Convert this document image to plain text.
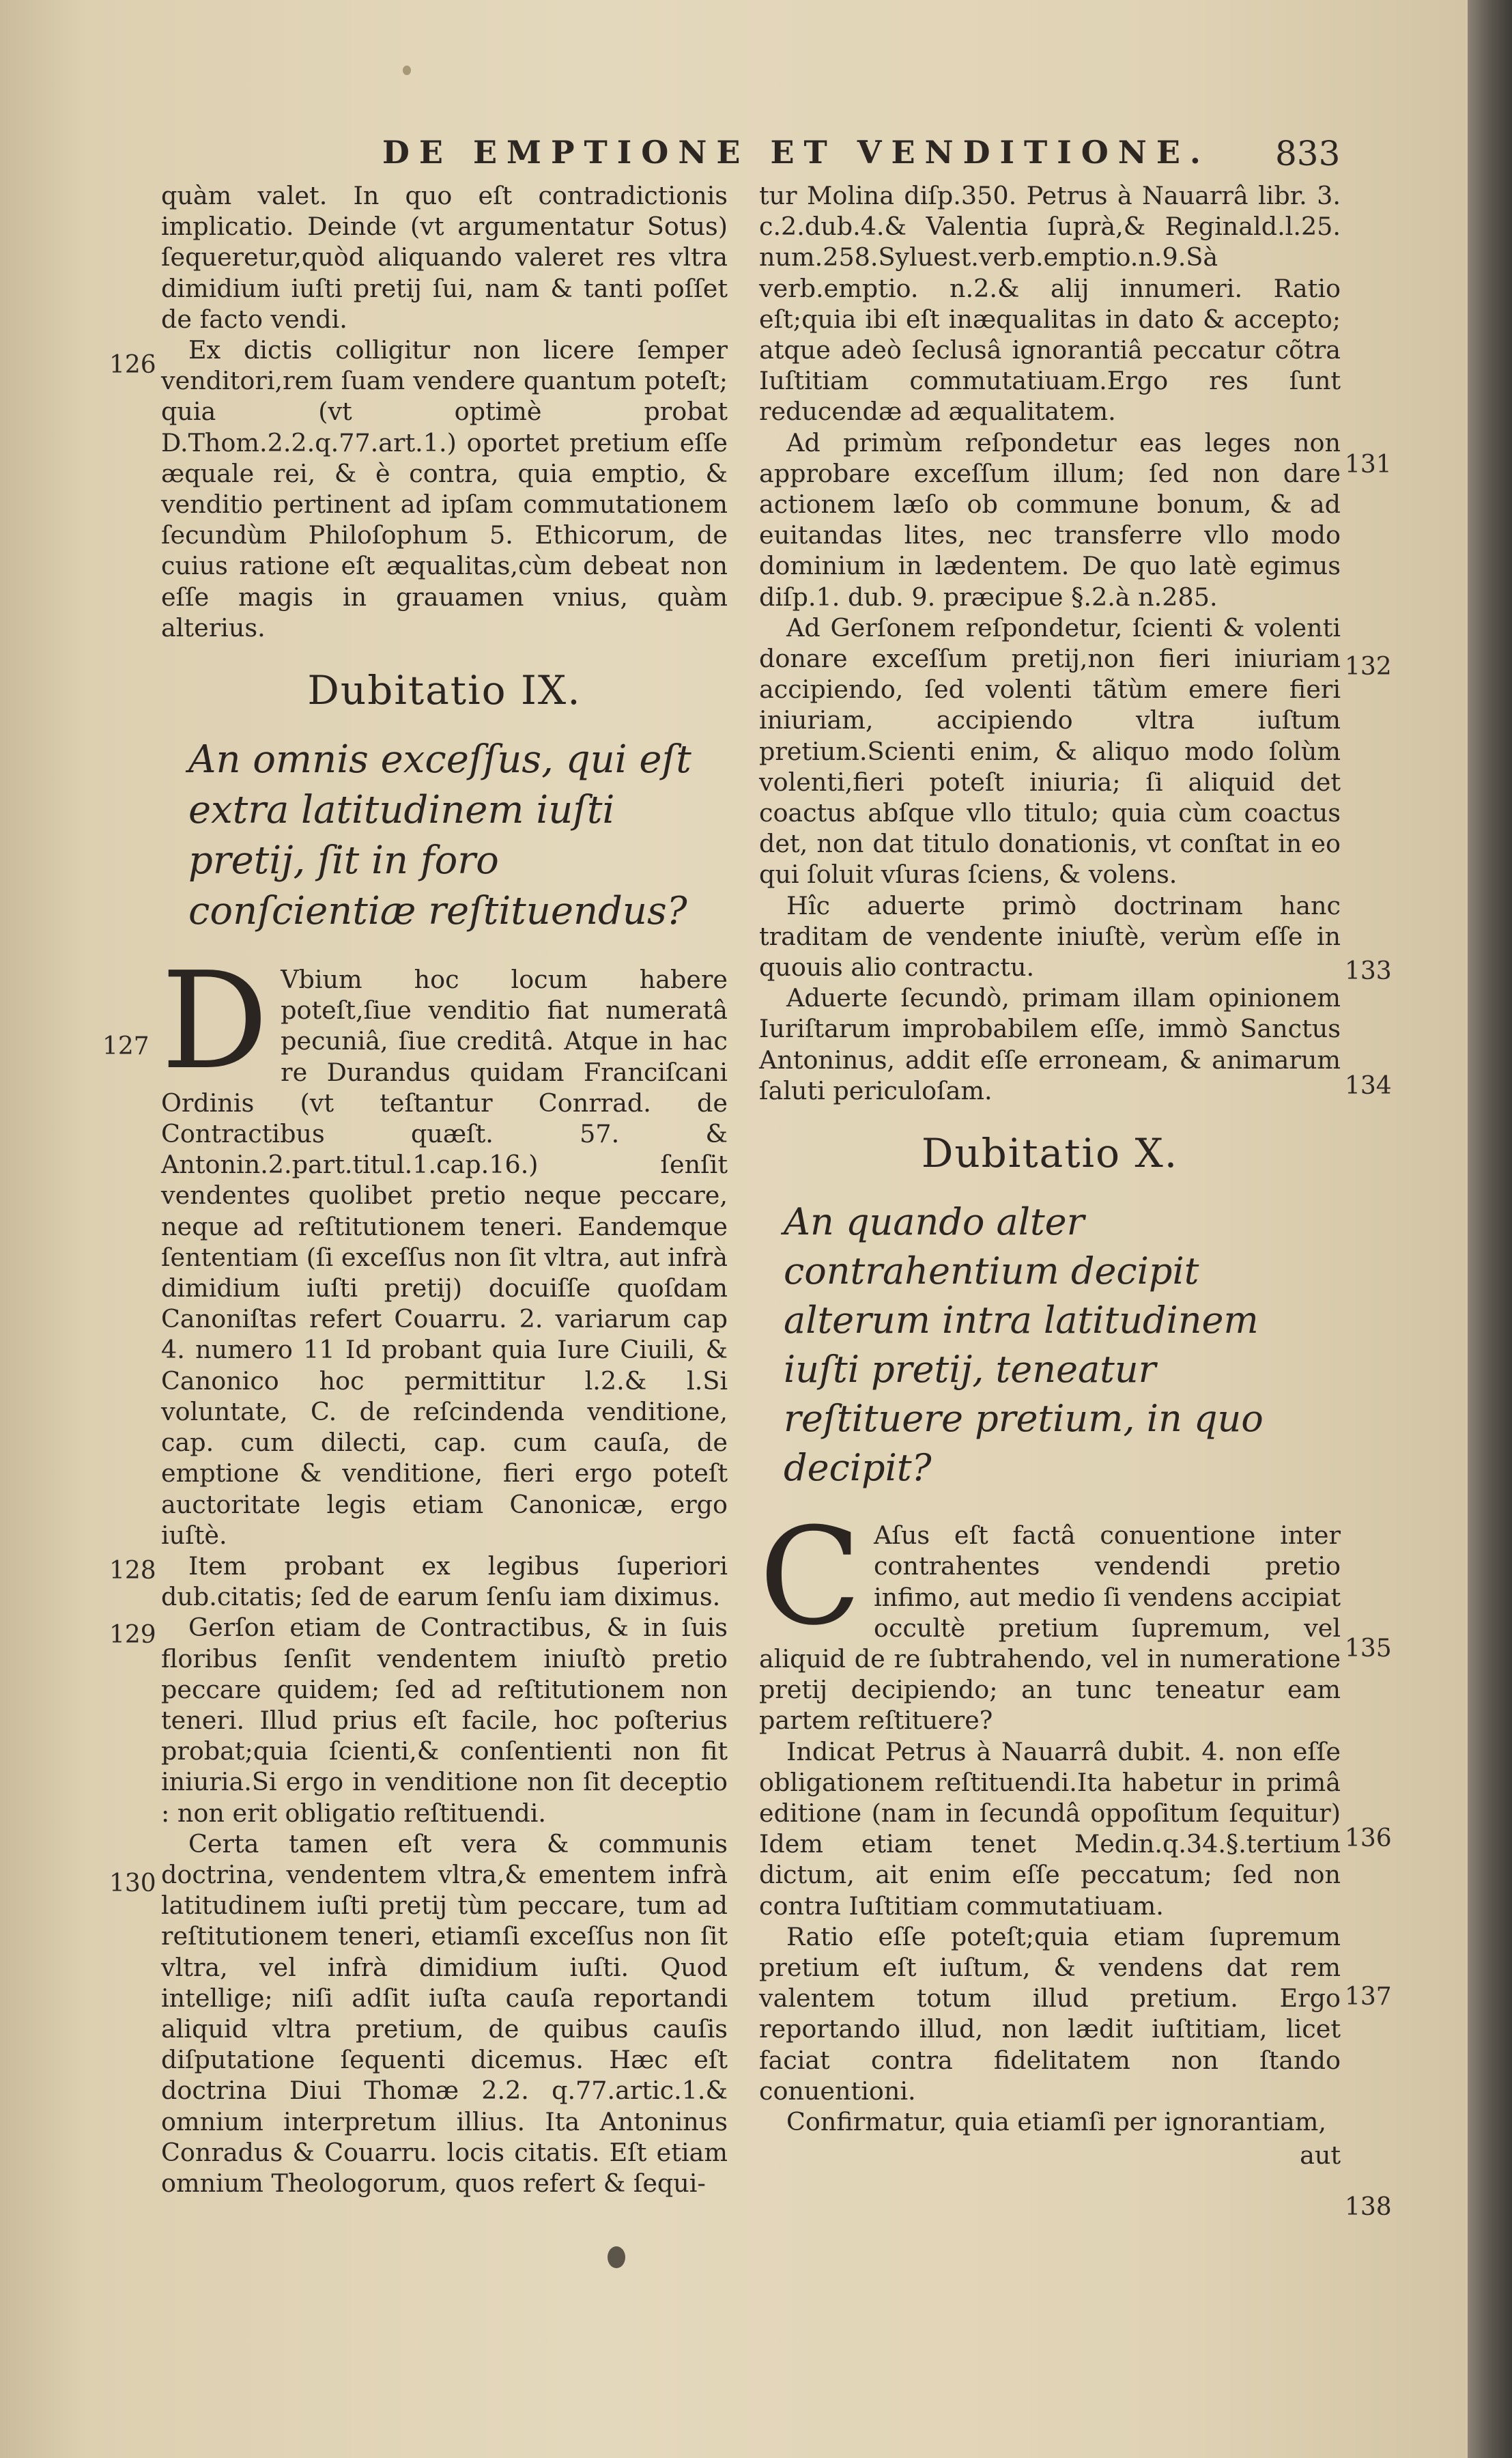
DE EMPTIONE ET VENDITIONE.	833
126
127
128
129
130
131
132
133
134
135
136
137
138

quàm valet. In quo eſt contradictionis implicatio. Deinde (vt argumentatur Sotus) ſequeretur,quòd aliquando valeret res vltra dimidium iuſti pretij ſui, nam & tanti poſſet de facto vendi.

Ex dictis colligitur non licere ſemper venditori,rem ſuam vendere quantum poteſt; quia (vt optimè probat D.Thom.2.2.q.77.art.1.) oportet pretium eſſe æquale rei, & è contra, quia emptio, & venditio pertinent ad ipſam commutationem ſecundùm Philoſophum 5. Ethicorum, de cuius ratione eſt æqualitas,cùm debeat non eſſe magis in grauamen vnius, quàm alterius.

Dubitatio IX.
An omnis exceſſus, qui eſt extra latitudinem iuſti pretij, ſit in foro conſcientiæ reſtituendus?

D Vbium hoc locum habere poteſt,ſiue venditio fiat numeratâ pecuniâ, ſiue creditâ. Atque in hac re Durandus quidam Franciſcani Ordinis (vt teſtantur Conrrad. de Contractibus quæſt. 57. & Antonin.2.part.titul.1.cap.16.) ſenſit vendentes quolibet pretio neque peccare, neque ad reſtitutionem teneri. Eandemque ſententiam (ſi exceſſus non ſit vltra, aut infrà dimidium iuſti pretij) docuiſſe quoſdam Canoniſtas refert Couarru. 2. variarum cap 4. numero 11 Id probant quia Iure Ciuili, & Canonico hoc permittitur l.2.& l.Si voluntate, C. de reſcindenda venditione, cap. cum dilecti, cap. cum cauſa, de emptione & venditione, fieri ergo poteſt auctoritate legis etiam Canonicæ, ergo iuſtè.

Item probant ex legibus ſuperiori dub.citatis; ſed de earum ſenſu iam diximus.

Gerſon etiam de Contractibus, & in ſuis floribus ſenſit vendentem iniuſtò pretio peccare quidem; ſed ad reſtitutionem non teneri. Illud prius eſt facile, hoc poſterius probat;quia ſcienti,& conſentienti non fit iniuria.Si ergo in venditione non ſit deceptio : non erit obligatio reſtituendi.

Certa tamen eſt vera & communis doctrina, vendentem vltra,& ementem infrà latitudinem iuſti pretij tùm peccare, tum ad reſtitutionem teneri, etiamſi exceſſus non ſit vltra, vel infrà dimidium iuſti. Quod intellige; niſi adſit iuſta cauſa reportandi aliquid vltra pretium, de quibus cauſis diſputatione ſequenti dicemus. Hæc eſt doctrina Diui Thomæ 2.2. q.77.artic.1.& omnium interpretum illius. Ita Antoninus Conradus & Couarru. locis citatis. Eſt etiam omnium Theologorum, quos refert & ſequi-

tur Molina diſp.350. Petrus à Nauarrâ libr. 3. c.2.dub.4.& Valentia ſuprà,& Reginald.l.25. num.258.Syluest.verb.emptio.n.9.Sà verb.emptio. n.2.& alij innumeri. Ratio eſt;quia ibi eſt inæqualitas in dato & accepto; atque adeò ſeclusâ ignorantiâ peccatur cõtra Iuſtitiam commutatiuam.Ergo res ſunt reducendæ ad æqualitatem.

Ad primùm reſpondetur eas leges non approbare exceſſum illum; ſed non dare actionem læſo ob commune bonum, & ad euitandas lites, nec transferre vllo modo dominium in lædentem. De quo latè egimus diſp.1. dub. 9. præcipue §.2.à n.285.

Ad Gerſonem reſpondetur, ſcienti & volenti donare exceſſum pretij,non fieri iniuriam accipiendo, ſed volenti tãtùm emere fieri iniuriam, accipiendo vltra iuſtum pretium.Scienti enim, & aliquo modo ſolùm volenti,fieri poteſt iniuria; ſi aliquid det coactus abſque vllo titulo; quia cùm coactus det, non dat titulo donationis, vt conſtat in eo qui ſoluit vſuras ſciens, & volens.

Hîc aduerte primò doctrinam hanc traditam de vendente iniuſtè, verùm eſſe in quouis alio contractu.

Aduerte ſecundò, primam illam opinionem Iuriſtarum improbabilem eſſe, immò Sanctus Antoninus, addit eſſe erroneam, & animarum ſaluti periculoſam.

Dubitatio X.
An quando alter contrahentium decipit alterum intra latitudinem iuſti pretij, teneatur reſtituere pretium, in quo decipit?

C Aſus eſt factâ conuentione inter contrahentes vendendi pretio infimo, aut medio ſi vendens accipiat occultè pretium ſupremum, vel aliquid de re ſubtrahendo, vel in numeratione pretij decipiendo; an tunc teneatur eam partem reſtituere?

Indicat Petrus à Nauarrâ dubit. 4. non eſſe obligationem reſtituendi.Ita habetur in primâ editione (nam in ſecundâ oppoſitum ſequitur) Idem etiam tenet Medin.q.34.§.tertium dictum, ait enim eſſe peccatum; ſed non contra Iuſtitiam commutatiuam.

Ratio eſſe poteſt;quia etiam ſupremum pretium eſt iuſtum, & vendens dat rem valentem totum illud pretium. Ergo reportando illud, non lædit iuſtitiam, licet faciat contra fidelitatem non ſtando conuentioni.

Confirmatur, quia etiamſi per ignorantiam,

aut
